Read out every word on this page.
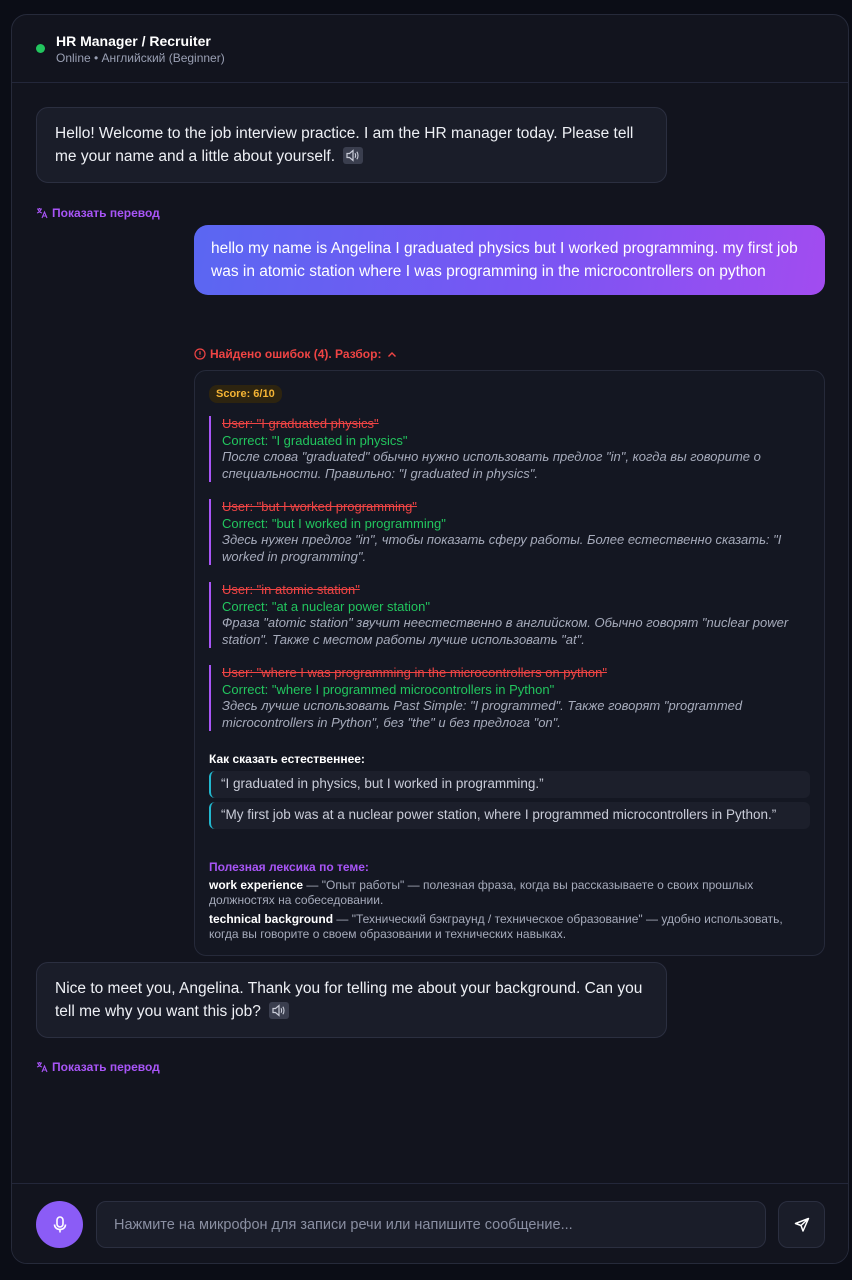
HR Manager / Recruiter
Online • Английский (Beginner)
Hello! Welcome to the job interview practice. I am the HR manager today. Please tell me your name and a little about yourself.
Показать перевод
hello my name is Angelina I graduated physics but I worked programming. my first job was in atomic station where I was programming in the microcontrollers on python
Найдено ошибок (4). Разбор:
Score: 6/10
User: "I graduated physics"
Correct: "I graduated in physics"
После слова "graduated" обычно нужно использовать предлог "in", когда вы говорите о специальности. Правильно: "I graduated in physics".
User: "but I worked programming"
Correct: "but I worked in programming"
Здесь нужен предлог "in", чтобы показать сферу работы. Более естественно сказать: "I worked in programming".
User: "in atomic station"
Correct: "at a nuclear power station"
Фраза "atomic station" звучит неестественно в английском. Обычно говорят "nuclear power station". Также с местом работы лучше использовать "at".
User: "where I was programming in the microcontrollers on python"
Correct: "where I programmed microcontrollers in Python"
Здесь лучше использовать Past Simple: "I programmed". Также говорят "programmed microcontrollers in Python", без "the" и без предлога "on".
Как сказать естественнее:
“I graduated in physics, but I worked in programming.”
“My first job was at a nuclear power station, where I programmed microcontrollers in Python.”
Полезная лексика по теме:
work experience — "Опыт работы" — полезная фраза, когда вы рассказываете о своих прошлых должностях на собеседовании.
technical background — "Технический бэкграунд / техническое образование" — удобно использовать, когда вы говорите о своем образовании и технических навыках.
Nice to meet you, Angelina. Thank you for telling me about your background. Can you tell me why you want this job?
Показать перевод
Нажмите на микрофон для записи речи или напишите сообщение...
